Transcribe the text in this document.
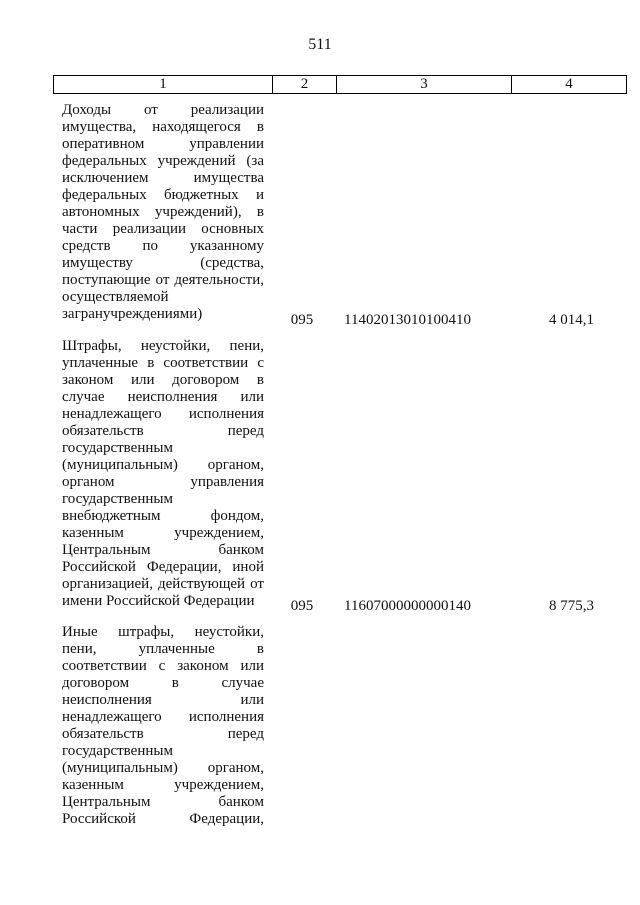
511
1	2	3	4
Доходы от реализации имущества, находящегося в оперативном управлении федеральных учреждений (за исключением имущества федеральных бюджетных и автономных учреждений), в части реализации основных средств по указанному имуществу (средства, поступающие от деятельности, осуществляемой загранучреждениями)	095	11402013010100410	4 014,1
Штрафы, неустойки, пени, уплаченные в соответствии с законом или договором в случае неисполнения или ненадлежащего исполнения обязательств перед государственным (муниципальным) органом, органом управления государственным внебюджетным фондом, казенным учреждением, Центральным банком Российской Федерации, иной организацией, действующей от имени Российской Федерации	095	11607000000000140	8 775,3
Иные штрафы, неустойки, пени, уплаченные в соответствии с законом или договором в случае неисполнения или ненадлежащего исполнения обязательств перед государственным (муниципальным) органом, казенным учреждением, Центральным банком Российской Федерации,
